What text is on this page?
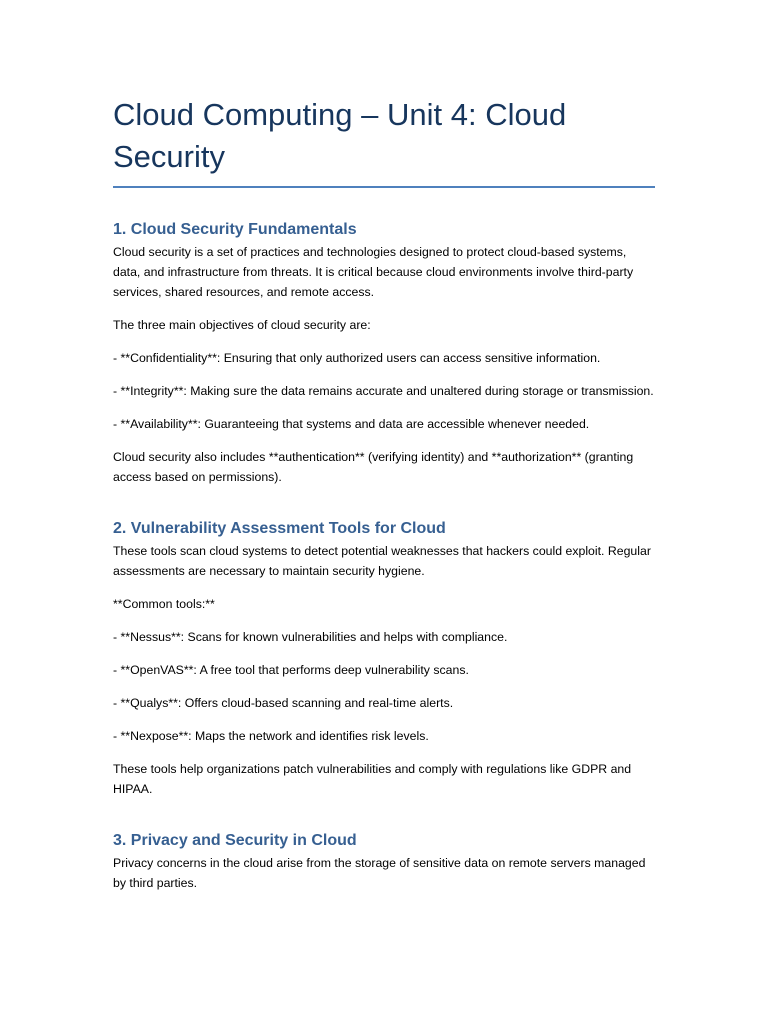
Cloud Computing – Unit 4: Cloud Security
1. Cloud Security Fundamentals

Cloud security is a set of practices and technologies designed to protect cloud-based systems, data, and infrastructure from threats. It is critical because cloud environments involve third-party services, shared resources, and remote access.

The three main objectives of cloud security are:

- **Confidentiality**: Ensuring that only authorized users can access sensitive information.

- **Integrity**: Making sure the data remains accurate and unaltered during storage or transmission.

- **Availability**: Guaranteeing that systems and data are accessible whenever needed.

Cloud security also includes **authentication** (verifying identity) and **authorization** (granting access based on permissions).

2. Vulnerability Assessment Tools for Cloud

These tools scan cloud systems to detect potential weaknesses that hackers could exploit. Regular assessments are necessary to maintain security hygiene.

**Common tools:**

- **Nessus**: Scans for known vulnerabilities and helps with compliance.

- **OpenVAS**: A free tool that performs deep vulnerability scans.

- **Qualys**: Offers cloud-based scanning and real-time alerts.

- **Nexpose**: Maps the network and identifies risk levels.

These tools help organizations patch vulnerabilities and comply with regulations like GDPR and HIPAA.

3. Privacy and Security in Cloud

Privacy concerns in the cloud arise from the storage of sensitive data on remote servers managed by third parties.
